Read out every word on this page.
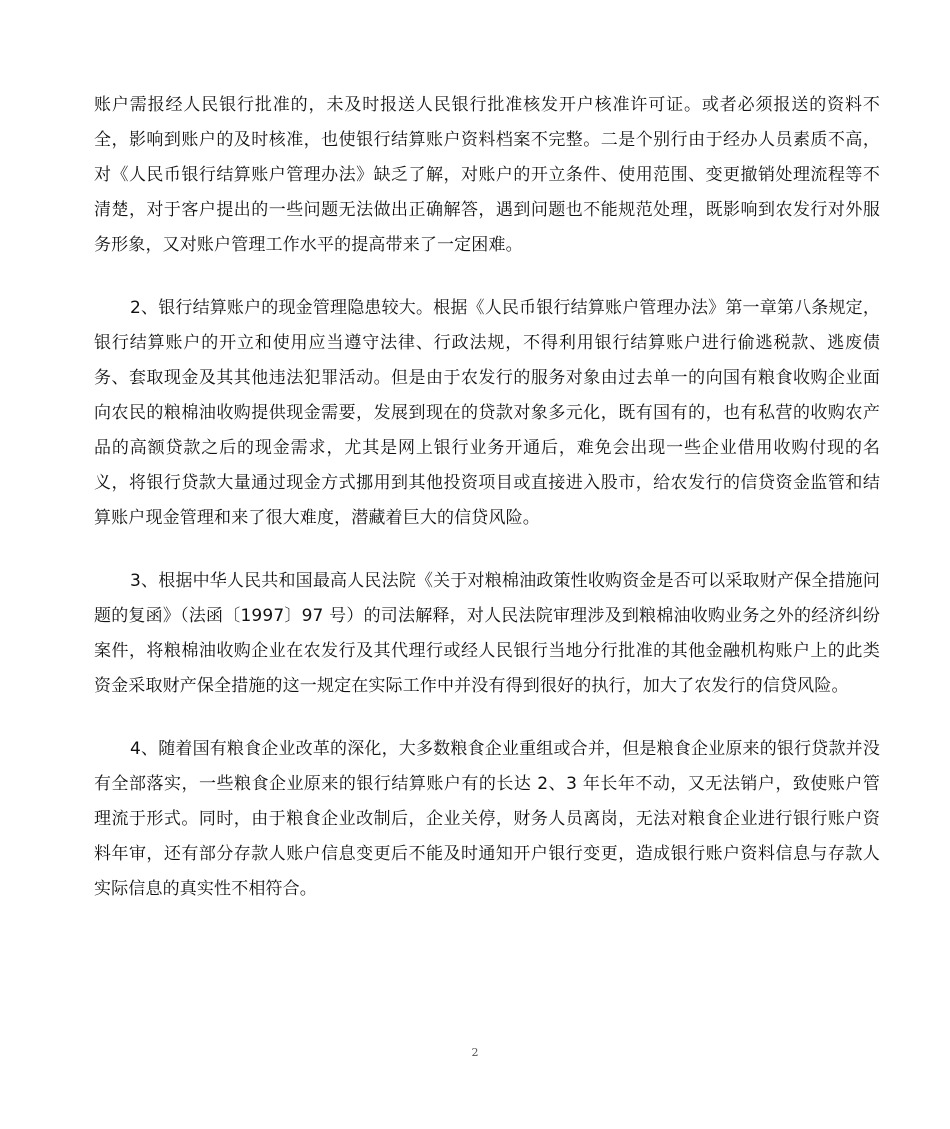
账户需报经人民银行批准的，未及时报送人民银行批准核发开户核准许可证。或者必须报送的资料不全，影响到账户的及时核准，也使银行结算账户资料档案不完整。二是个别行由于经办人员素质不高，对《人民币银行结算账户管理办法》缺乏了解，对账户的开立条件、使用范围、变更撤销处理流程等不清楚，对于客户提出的一些问题无法做出正确解答，遇到问题也不能规范处理，既影响到农发行对外服务形象，又对账户管理工作水平的提高带来了一定困难。

2、银行结算账户的现金管理隐患较大。根据《人民币银行结算账户管理办法》第一章第八条规定，银行结算账户的开立和使用应当遵守法律、行政法规，不得利用银行结算账户进行偷逃税款、逃废债务、套取现金及其其他违法犯罪活动。但是由于农发行的服务对象由过去单一的向国有粮食收购企业面向农民的粮棉油收购提供现金需要，发展到现在的贷款对象多元化，既有国有的，也有私营的收购农产品的高额贷款之后的现金需求，尤其是网上银行业务开通后，难免会出现一些企业借用收购付现的名义，将银行贷款大量通过现金方式挪用到其他投资项目或直接进入股市，给农发行的信贷资金监管和结算账户现金管理和来了很大难度，潜藏着巨大的信贷风险。

3、根据中华人民共和国最高人民法院《关于对粮棉油政策性收购资金是否可以采取财产保全措施问题的复函》（法函〔1997〕97 号）的司法解释，对人民法院审理涉及到粮棉油收购业务之外的经济纠纷案件，将粮棉油收购企业在农发行及其代理行或经人民银行当地分行批准的其他金融机构账户上的此类资金采取财产保全措施的这一规定在实际工作中并没有得到很好的执行，加大了农发行的信贷风险。

4、随着国有粮食企业改革的深化，大多数粮食企业重组或合并，但是粮食企业原来的银行贷款并没有全部落实，一些粮食企业原来的银行结算账户有的长达 2、3 年长年不动，又无法销户，致使账户管理流于形式。同时，由于粮食企业改制后，企业关停，财务人员离岗，无法对粮食企业进行银行账户资料年审，还有部分存款人账户信息变更后不能及时通知开户银行变更，造成银行账户资料信息与存款人实际信息的真实性不相符合。

2
